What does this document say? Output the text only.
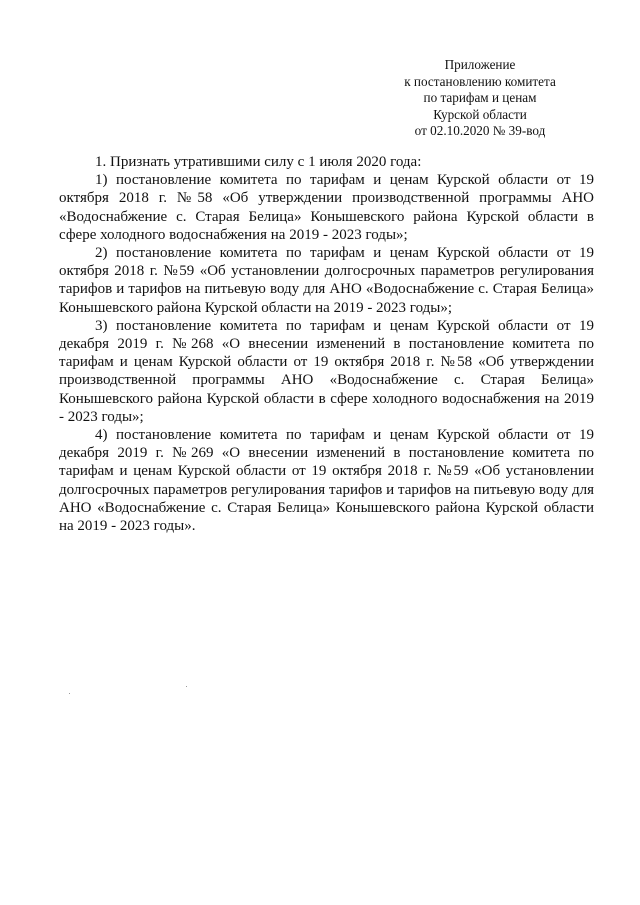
Приложение
к постановлению комитета
по тарифам и ценам
Курской области
от 02.10.2020 № 39-вод

1. Признать утратившими силу с 1 июля 2020 года:

1) постановление комитета по тарифам и ценам Курской области от 19 октября 2018 г. №58 «Об утверждении производственной программы АНО «Водоснабжение с. Старая Белица» Конышевского района Курской области в сфере холодного водоснабжения на 2019 - 2023 годы»;

2) постановление комитета по тарифам и ценам Курской области от 19 октября 2018 г. №59 «Об установлении долгосрочных параметров регулирования тарифов и тарифов на питьевую воду для АНО «Водоснабжение с. Старая Белица» Конышевского района Курской области на 2019 - 2023 годы»;

3) постановление комитета по тарифам и ценам Курской области от 19 декабря 2019 г. №268 «О внесении изменений в постановление комитета по тарифам и ценам Курской области от 19 октября 2018 г. №58 «Об утверждении производственной программы АНО «Водоснабжение с. Старая Белица» Конышевского района Курской области в сфере холодного водоснабжения на 2019 - 2023 годы»;

4) постановление комитета по тарифам и ценам Курской области от 19 декабря 2019 г. №269 «О внесении изменений в постановление комитета по тарифам и ценам Курской области от 19 октября 2018 г. №59 «Об установлении долгосрочных параметров регулирования тарифов и тарифов на питьевую воду для АНО «Водоснабжение с. Старая Белица» Конышевского района Курской области на 2019 - 2023 годы».
